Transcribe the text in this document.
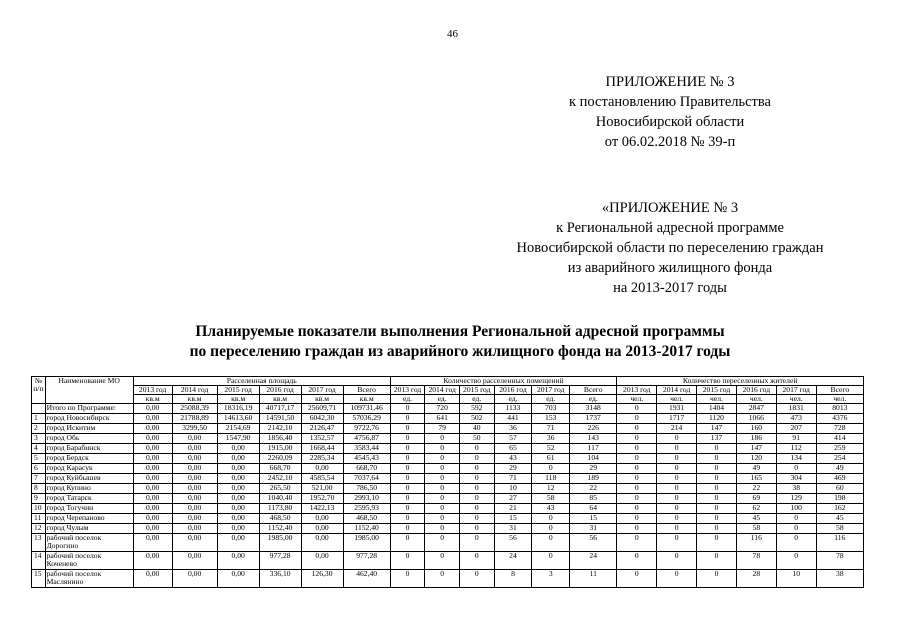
46
ПРИЛОЖЕНИЕ № 3
к постановлению Правительства
Новосибирской области
от 06.02.2018 № 39-п
«ПРИЛОЖЕНИЕ № 3
к Региональной адресной программе
Новосибирской области по переселению граждан
из аварийного жилищного фонда
на 2013-2017 годы
Планируемые показатели выполнения Региональной адресной программы
по переселению граждан из аварийного жилищного фонда на 2013-2017 годы
№ п/п	Наименование МО	Расселенная площадь						Количество расселенных помещений						Количество переселенных жителей					
		2013 год	2014 год	2015 год	2016 год	2017 год	Всего	2013 год	2014 год	2015 год	2016 год	2017 год	Всего	2013 год	2014 год	2015 год	2016 год	2017 год	Всего
		кв.м	кв.м	кв.м	кв.м	кв.м	кв.м	ед.	ед.	ед.	ед.	ед.	ед.	чел.	чел.	чел.	чел.	чел.	чел.
	Итого по Программе:	0,00	25088,39	18316,19	40717,17	25609,71	109731,46	0	720	592	1133	703	3148	0	1931	1404	2847	1831	8013
1	город Новосибирск	0,00	21788,89	14613,60	14591,50	6042,30	57036,29	0	641	502	441	153	1737	0	1717	1120	1066	473	4376
2	город Искитим	0,00	3299,50	2154,69	2142,10	2126,47	9722,76	0	79	40	36	71	226	0	214	147	160	207	728
3	город Обь	0,00	0,00	1547,90	1856,40	1352,57	4756,87	0	0	50	57	36	143	0	0	137	186	91	414
4	город Барабинск	0,00	0,00	0,00	1915,00	1668,44	3583,44	0	0	0	65	52	117	0	0	0	147	112	259
5	город Бердск	0,00	0,00	0,00	2260,09	2285,34	4545,43	0	0	0	43	61	104	0	0	0	120	134	254
6	город Карасук	0,00	0,00	0,00	668,70	0,00	668,70	0	0	0	29	0	29	0	0	0	49	0	49
7	город Куйбышев	0,00	0,00	0,00	2452,10	4585,54	7037,64	0	0	0	71	118	189	0	0	0	165	304	469
8	город Купино	0,00	0,00	0,00	265,50	521,00	786,50	0	0	0	10	12	22	0	0	0	22	38	60
9	город Татарск	0,00	0,00	0,00	1040,40	1952,70	2993,10	0	0	0	27	58	85	0	0	0	69	129	198
10	город Тогучин	0,00	0,00	0,00	1173,80	1422,13	2595,93	0	0	0	21	43	64	0	0	0	62	100	162
11	город Черепаново	0,00	0,00	0,00	468,50	0,00	468,50	0	0	0	15	0	15	0	0	0	45	0	45
12	город Чулым	0,00	0,00	0,00	1152,40	0,00	1152,40	0	0	0	31	0	31	0	0	0	58	0	58
13	рабочий поселок Дорогино	0,00	0,00	0,00	1985,00	0,00	1985,00	0	0	0	56	0	56	0	0	0	116	0	116
14	рабочий поселок Коченево	0,00	0,00	0,00	977,28	0,00	977,28	0	0	0	24	0	24	0	0	0	78	0	78
15	рабочий поселок Маслянино	0,00	0,00	0,00	336,10	126,30	462,40	0	0	0	8	3	11	0	0	0	28	10	38
